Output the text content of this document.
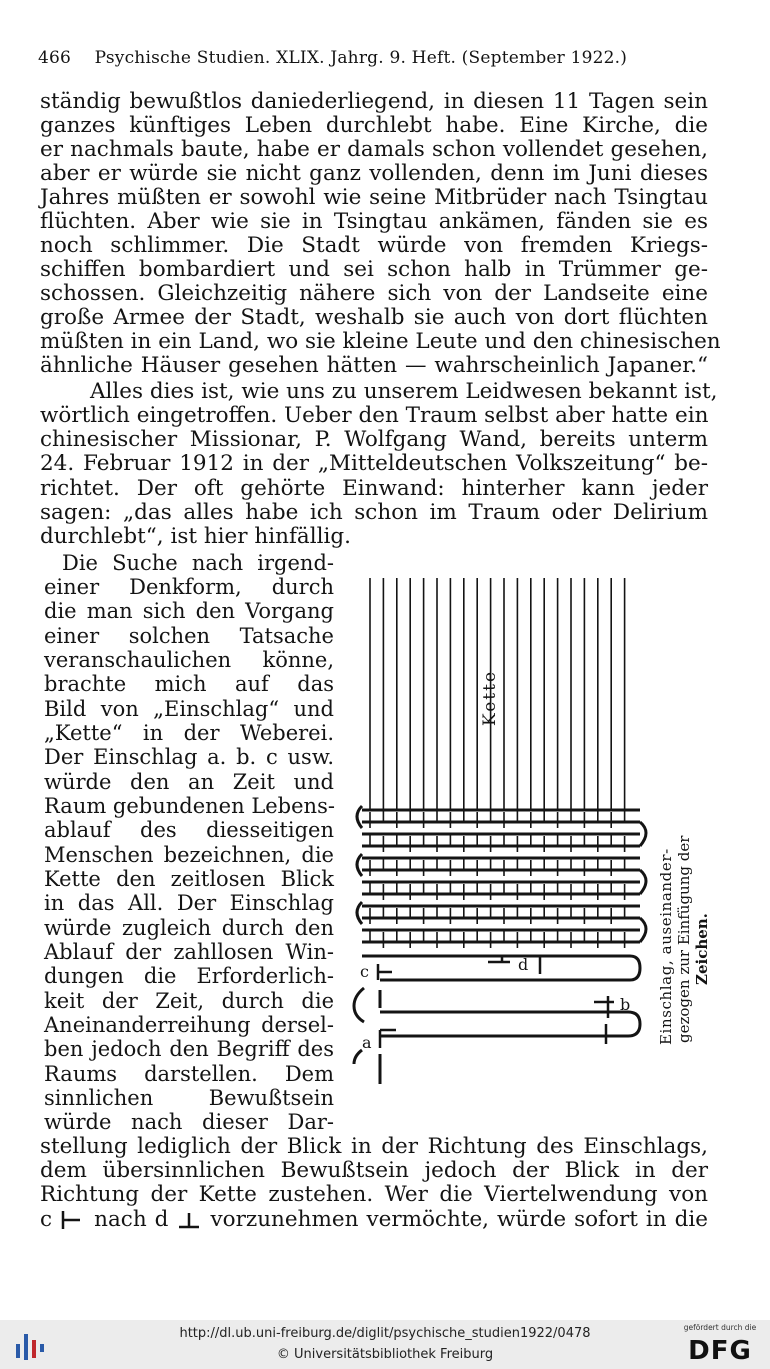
466 Psychische Studien. XLIX. Jahrg. 9. Heft. (September 1922.)
ständig bewußtlos daniederliegend, in diesen 11 Tagen sein
ganzes künftiges Leben durchlebt habe. Eine Kirche, die
er nachmals baute, habe er damals schon vollendet gesehen,
aber er würde sie nicht ganz vollenden, denn im Juni dieses
Jahres müßten er sowohl wie seine Mitbrüder nach Tsingtau
flüchten. Aber wie sie in Tsingtau ankämen, fänden sie es
noch schlimmer. Die Stadt würde von fremden Kriegs-
schiffen bombardiert und sei schon halb in Trümmer ge-
schossen. Gleichzeitig nähere sich von der Landseite eine
große Armee der Stadt, weshalb sie auch von dort flüchten
müßten in ein Land, wo sie kleine Leute und den chinesischen
ähnliche Häuser gesehen hätten — wahrscheinlich Japaner.“
Alles dies ist, wie uns zu unserem Leidwesen bekannt ist,
wörtlich eingetroffen. Ueber den Traum selbst aber hatte ein
chinesischer Missionar, P. Wolfgang Wand, bereits unterm
24. Februar 1912 in der „Mitteldeutschen Volkszeitung“ be-
richtet. Der oft gehörte Einwand: hinterher kann jeder
sagen: „das alles habe ich schon im Traum oder Delirium
durchlebt“, ist hier hinfällig.
Die Suche nach irgend-
einer Denkform, durch
die man sich den Vorgang
einer solchen Tatsache
veranschaulichen könne,
brachte mich auf das
Bild von „Einschlag“ und
„Kette“ in der Weberei.
Der Einschlag a. b. c usw.
würde den an Zeit und
Raum gebundenen Lebens-
ablauf des diesseitigen
Menschen bezeichnen, die
Kette den zeitlosen Blick
in das All. Der Einschlag
würde zugleich durch den
Ablauf der zahllosen Win-
dungen die Erforderlich-
keit der Zeit, durch die
Aneinanderreihung dersel-
ben jedoch den Begriff des
Raums darstellen. Dem
sinnlichen Bewußtsein
würde nach dieser Dar-
stellung lediglich der Blick in der Richtung des Einschlags,
dem übersinnlichen Bewußtsein jedoch der Blick in der
Richtung der Kette zustehen. Wer die Viertelwendung von
c nach d vorzunehmen vermöchte, würde sofort in die
Kette
d
c
b
a	Einschlag, auseinander- gezogen zur Einfügung der Zeichen.
http://dl.ub.uni-freiburg.de/diglit/psychische_studien1922/0478
© Universitätsbibliothek Freiburg
gefördert durch die
DFG
